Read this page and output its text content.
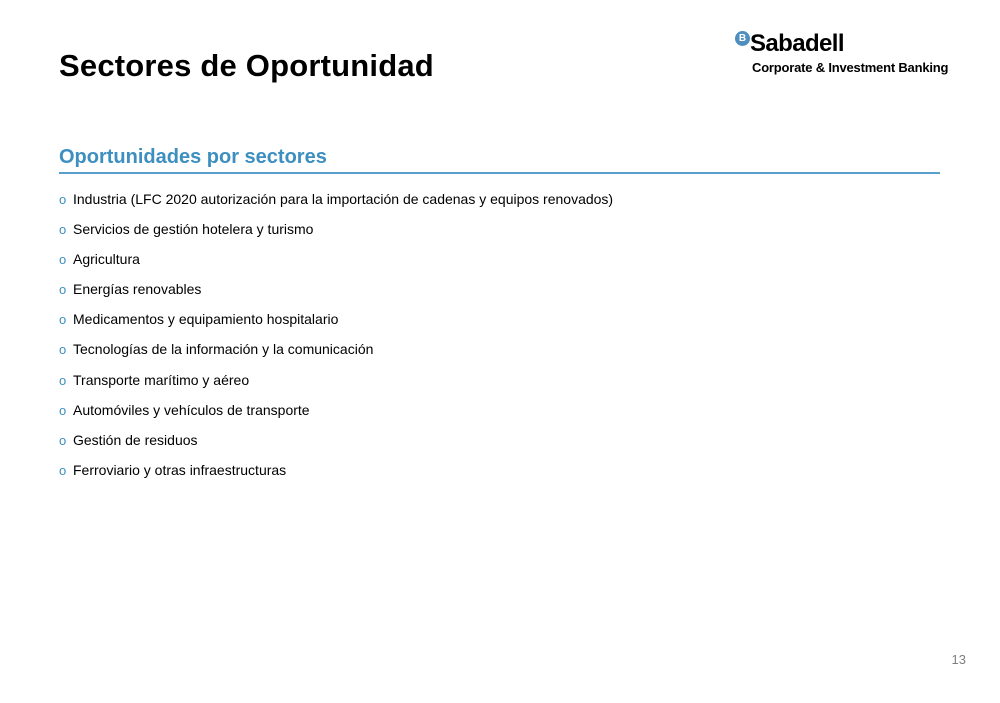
Sectores de Oportunidad
B Sabadell
Corporate & Investment Banking
Oportunidades por sectores
o Industria (LFC 2020 autorización para la importación de cadenas y equipos renovados)
o Servicios de gestión hotelera y turismo
o Agricultura
o Energías renovables
o Medicamentos y equipamiento hospitalario
o Tecnologías de la información y la comunicación
o Transporte marítimo y aéreo
o Automóviles y vehículos de transporte
o Gestión de residuos
o Ferroviario y otras infraestructuras
13
